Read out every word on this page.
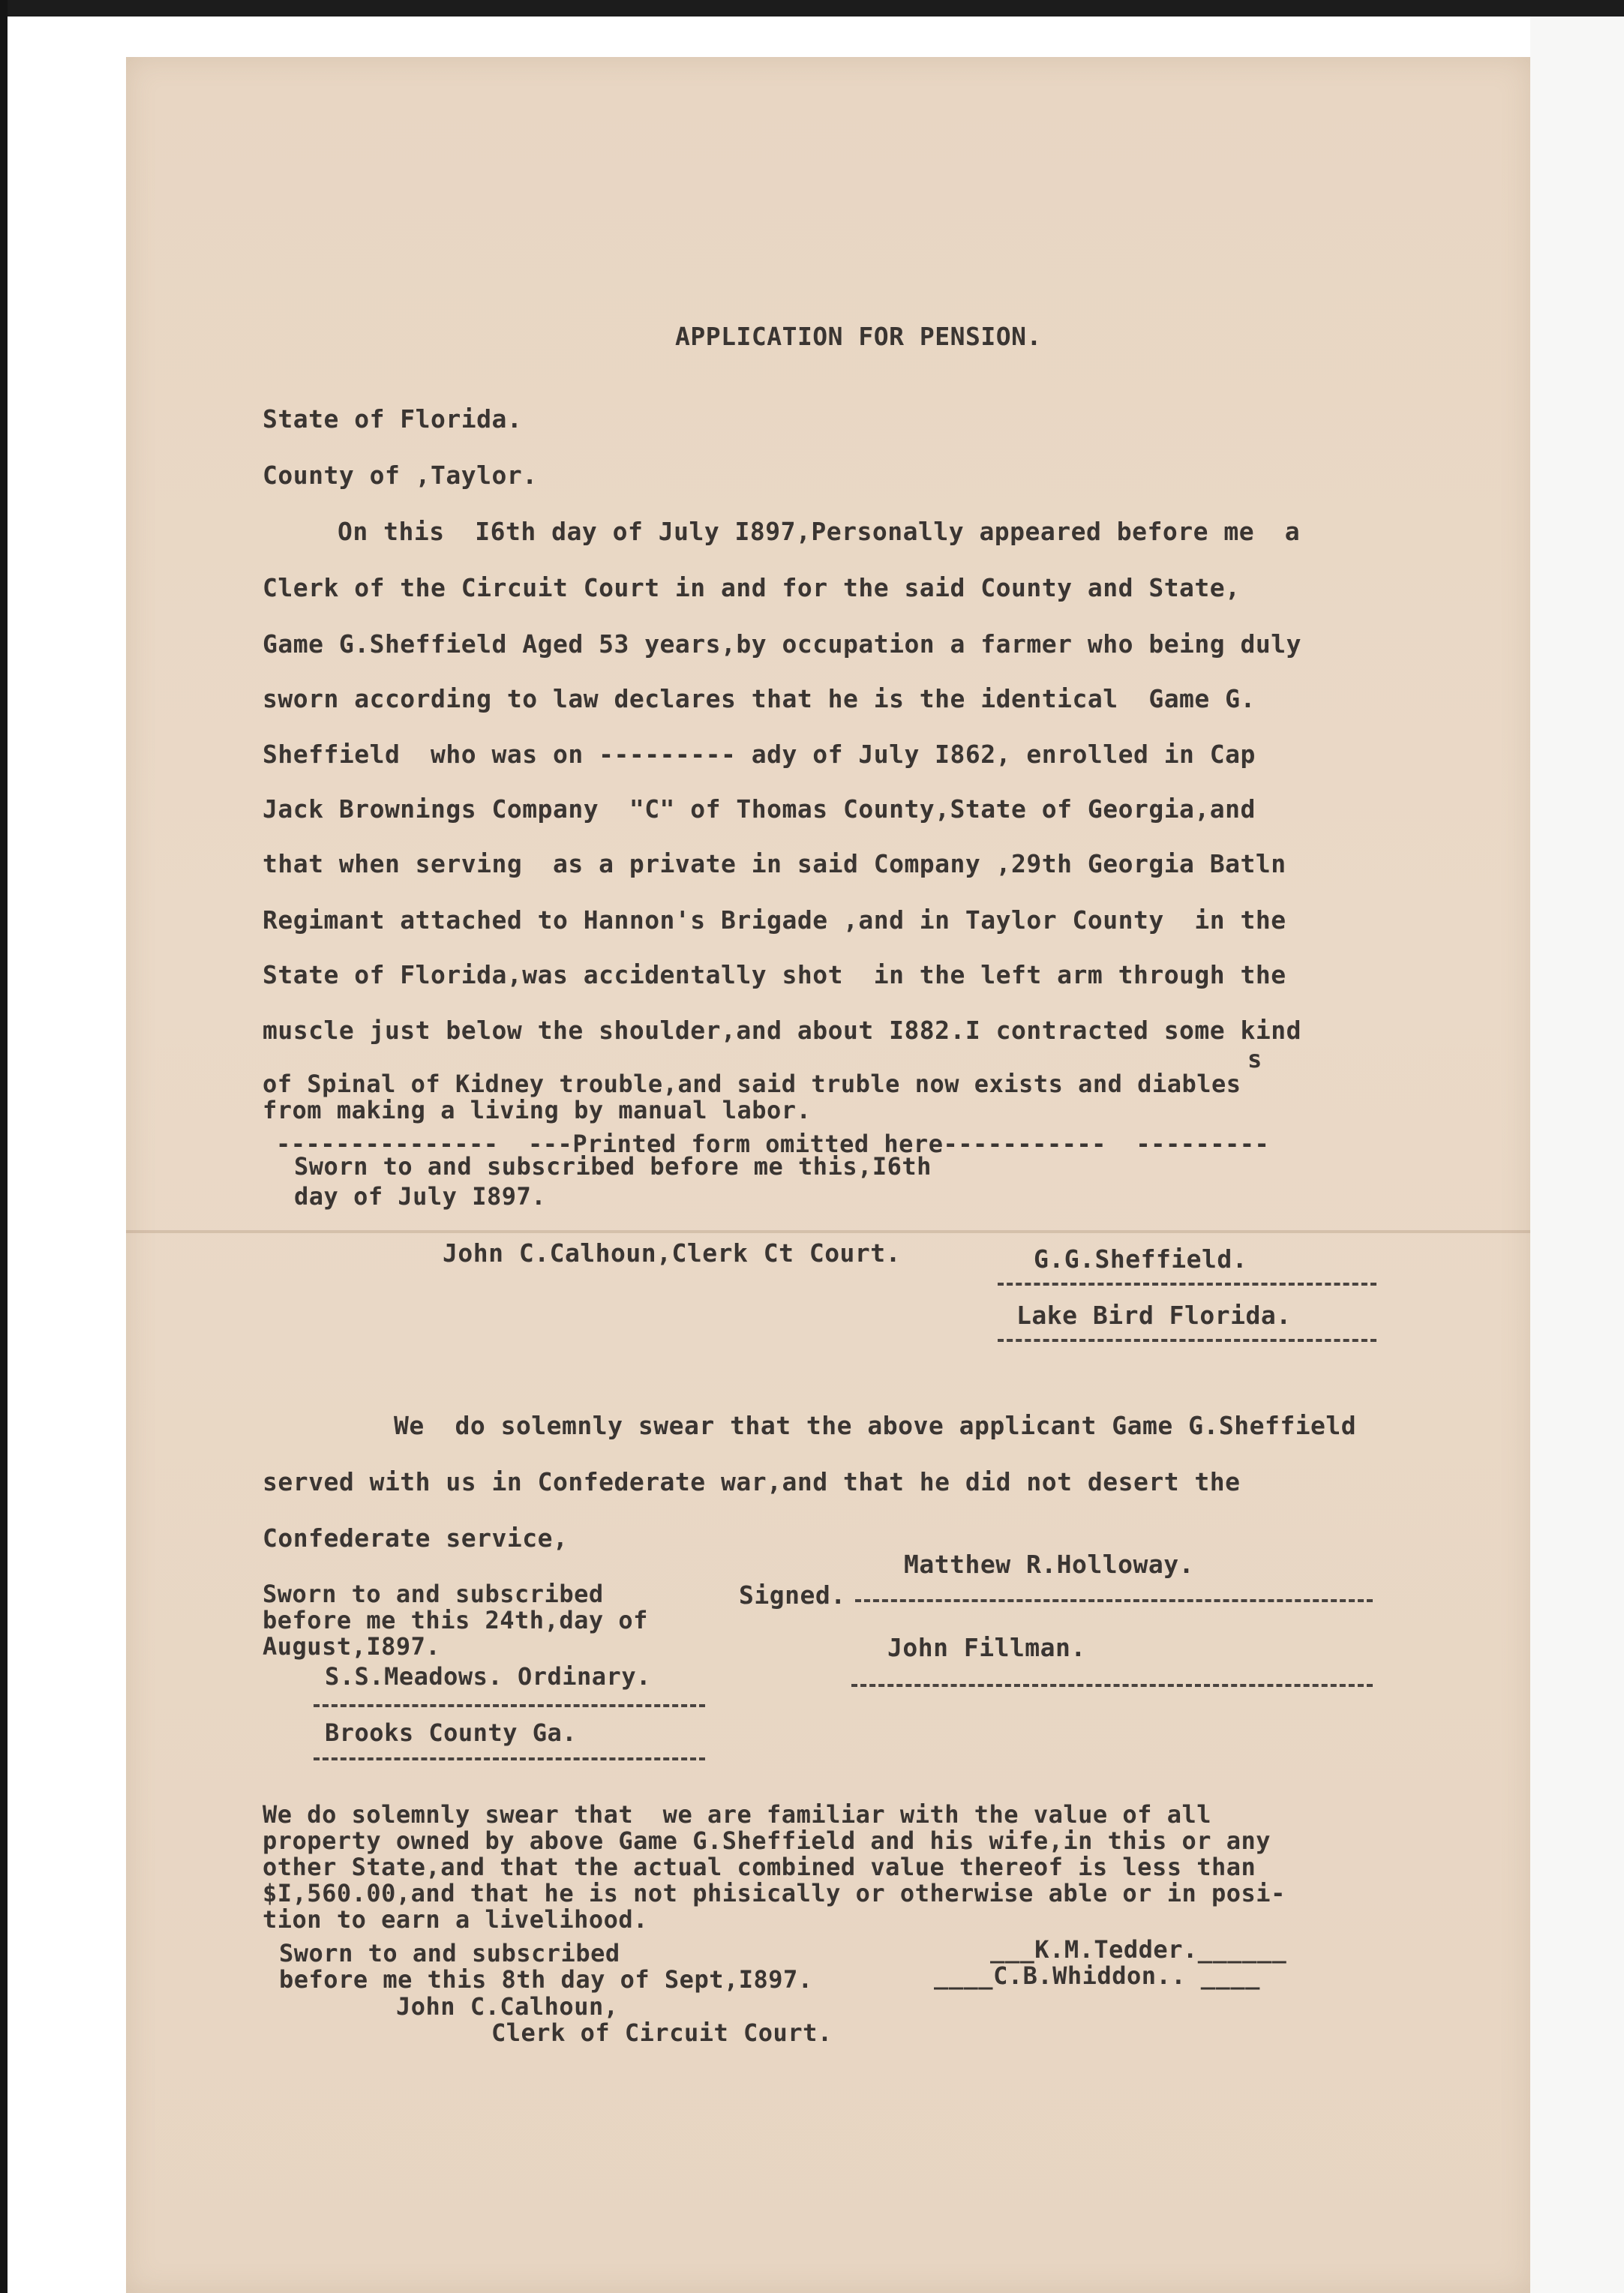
APPLICATION FOR PENSION.
State of Florida.
County of ,Taylor.
On this  I6th day of July I897,Personally appeared before me  a
Clerk of the Circuit Court in and for the said County and State,
Game G.Sheffield Aged 53 years,by occupation a farmer who being duly
sworn according to law declares that he is the identical  Game G.
Sheffield  who was on --------- ady of July I862, enrolled in Cap
Jack Brownings Company  "C" of Thomas County,State of Georgia,and
that when serving  as a private in said Company ,29th Georgia Batln
Regimant attached to Hannon's Brigade ,and in Taylor County  in the
State of Florida,was accidentally shot  in the left arm through the
muscle just below the shoulder,and about I882.I contracted some kind
s
of Spinal of Kidney trouble,and said truble now exists and diables
from making a living by manual labor.
---------------  ---Printed form omitted here-----------  ---------
Sworn to and subscribed before me this,I6th
day of July I897.
John C.Calhoun,Clerk Ct Court.	G.G.Sheffield.
Lake Bird Florida.
We  do solemnly swear that the above applicant Game G.Sheffield
served with us in Confederate war,and that he did not desert the
Confederate service,
Matthew R.Holloway.
Sworn to and subscribed
before me this 24th,day of
August,I897.
Signed.
John Fillman.
S.S.Meadows. Ordinary.
Brooks County Ga.
We do solemnly swear that  we are familiar with the value of all
property owned by above Game G.Sheffield and his wife,in this or any
other State,and that the actual combined value thereof is less than
$I,560.00,and that he is not phisically or otherwise able or in posi-
tion to earn a livelihood.
Sworn to and subscribed
before me this 8th day of Sept,I897.
John C.Calhoun,
Clerk of Circuit Court.
___K.M.Tedder.______
____C.B.Whiddon.. ____
